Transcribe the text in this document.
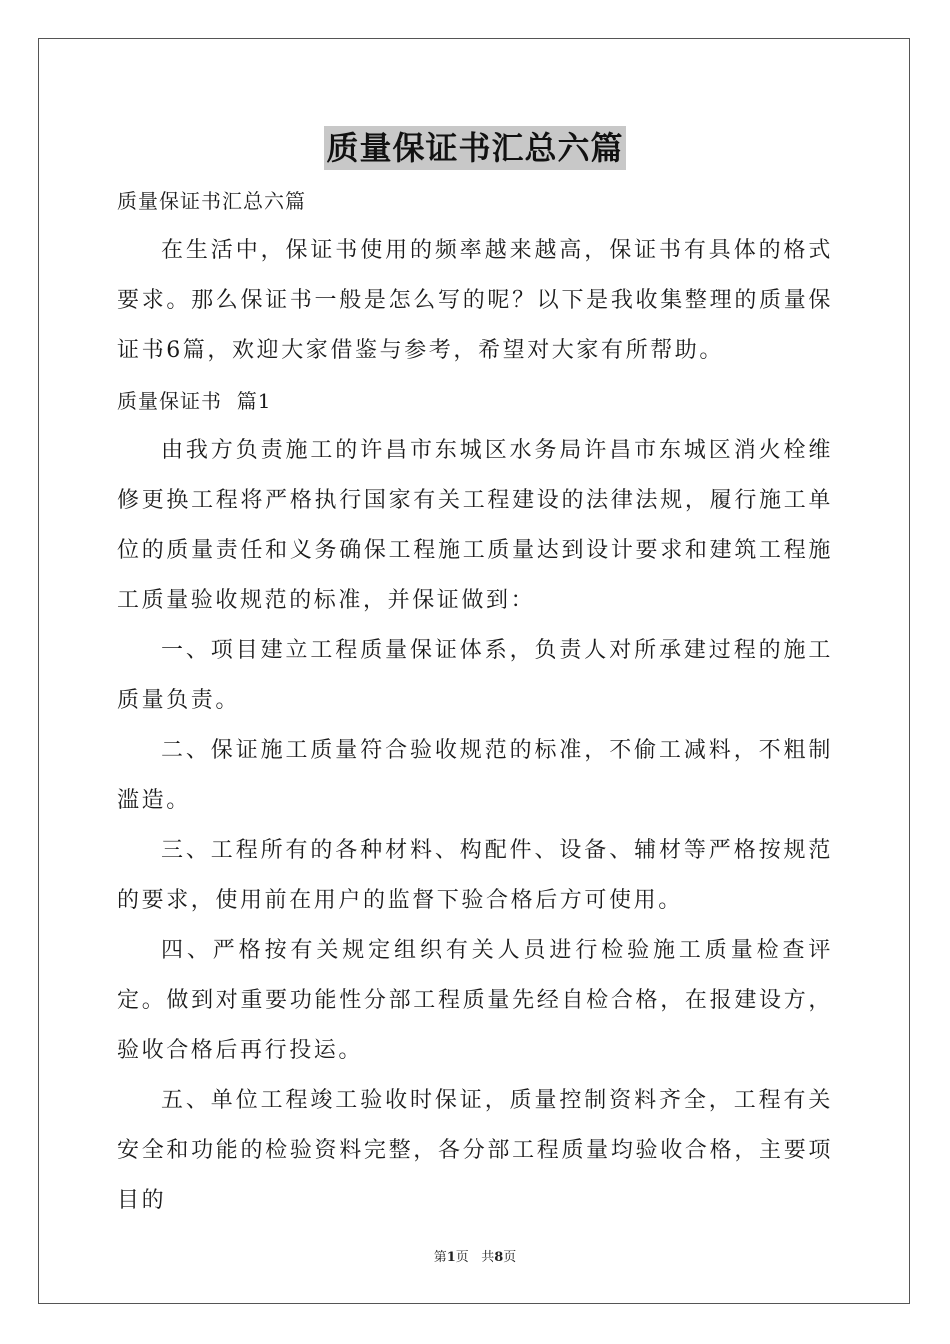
质量保证书汇总六篇

质量保证书汇总六篇

在生活中，保证书使用的频率越来越高，保证书有具体的格式要求。那么保证书一般是怎么写的呢？以下是我收集整理的质量保证书6篇，欢迎大家借鉴与参考，希望对大家有所帮助。

质量保证书  篇1

由我方负责施工的许昌市东城区水务局许昌市东城区消火栓维修更换工程将严格执行国家有关工程建设的法律法规，履行施工单位的质量责任和义务确保工程施工质量达到设计要求和建筑工程施工质量验收规范的标准，并保证做到：

一、项目建立工程质量保证体系，负责人对所承建过程的施工质量负责。

二、保证施工质量符合验收规范的标准，不偷工减料，不粗制滥造。

三、工程所有的各种材料、构配件、设备、辅材等严格按规范的要求，使用前在用户的监督下验合格后方可使用。

四、严格按有关规定组织有关人员进行检验施工质量检查评定。做到对重要功能性分部工程质量先经自检合格，在报建设方，验收合格后再行投运。

五、单位工程竣工验收时保证，质量控制资料齐全，工程有关安全和功能的检验资料完整，各分部工程质量均验收合格，主要项目的

第1页 共8页
